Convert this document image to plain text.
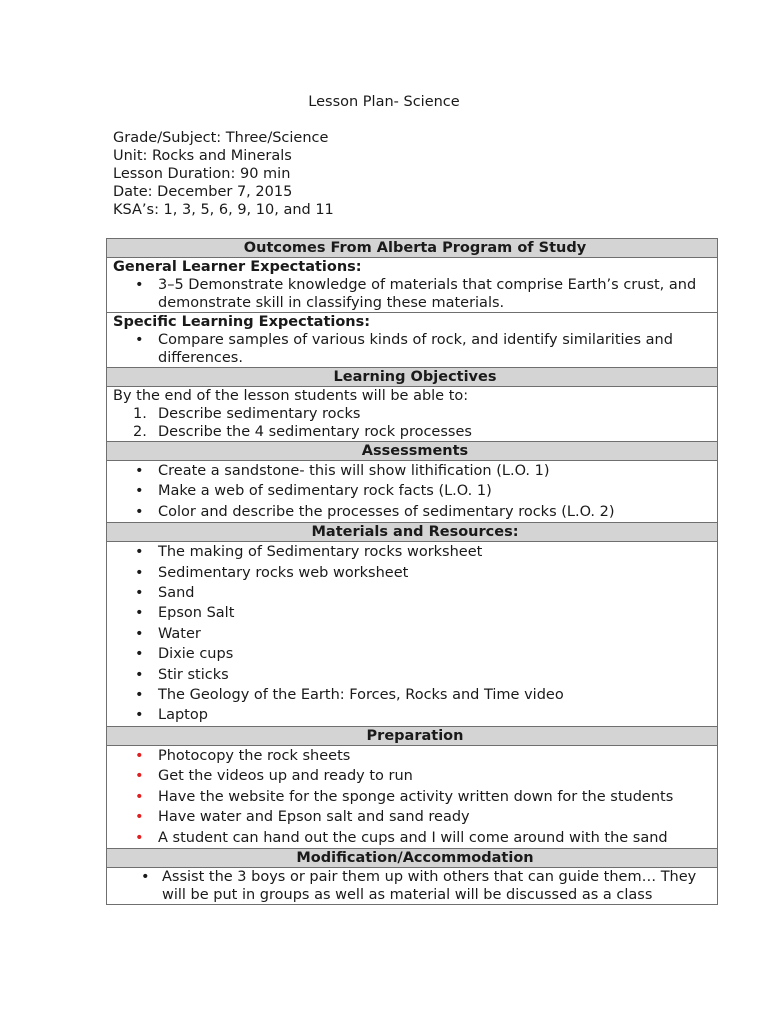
Lesson Plan- Science
Grade/Subject: Three/Science
Unit: Rocks and Minerals
Lesson Duration: 90 min
Date: December 7, 2015
KSA’s: 1, 3, 5, 6, 9, 10, and 11
Outcomes From Alberta Program of Study

General Learner Expectations:
• 3–5 Demonstrate knowledge of materials that comprise Earth’s crust, and demonstrate skill in classifying these materials.

Specific Learning Expectations:
• Compare samples of various kinds of rock, and identify similarities and differences.

Learning Objectives

By the end of the lesson students will be able to:
1. Describe sedimentary rocks
2. Describe the 4 sedimentary rock processes

Assessments

• Create a sandstone- this will show lithification (L.O. 1)
• Make a web of sedimentary rock facts (L.O. 1)
• Color and describe the processes of sedimentary rocks (L.O. 2)

Materials and Resources:

• The making of Sedimentary rocks worksheet
• Sedimentary rocks web worksheet
• Sand
• Epson Salt
• Water
• Dixie cups
• Stir sticks
• The Geology of the Earth: Forces, Rocks and Time video
• Laptop

Preparation

• Photocopy the rock sheets
• Get the videos up and ready to run
• Have the website for the sponge activity written down for the students
• Have water and Epson salt and sand ready
• A student can hand out the cups and I will come around with the sand

Modification/Accommodation

• Assist the 3 boys or pair them up with others that can guide them… They will be put in groups as well as material will be discussed as a class
